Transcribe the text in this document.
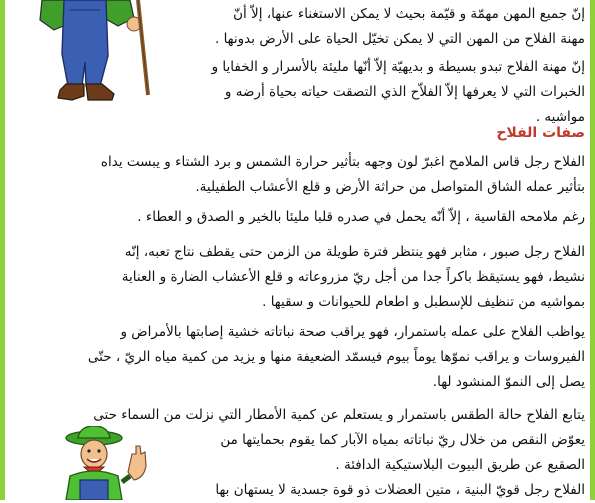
إنّ جميع المهن مهمّة و قيّمة بحيث لا يمكن الاستغناء عنها، إلاّ أنّ
مهنة الفلاح من المهن التي لا يمكن تخيّل الحياة على الأرض بدونها .
إنّ مهنة الفلاح تبدو بسيطة و بديهيّة إلاّ أنّها مليئة بالأسرار و الخفايا و
الخبرات التي لا يعرفها إلاّ الفلاّح الذي التصقت حياته بحياة أرضه و
مواشيه .
صفات الفلاح
الفلاح رجل قاس الملامح اغبرّ لون وجهه بتأثير حرارة الشمس و برد الشتاء و يبست يداه
بتأثير عمله الشاق المتواصل من حراثة الأرض و قلع الأعشاب الطفيلية.
رغم ملامحه القاسية ، إلاّ أنّه يحمل في صدره قلبا مليئا بالخير و الصدق و العطاء .
الفلاح رجل صبور ، مثابر فهو ينتظر فترة طويلة من الزمن حتى يقطف نتاج تعبه، إنّه
نشيط، فهو يستيقظ باكراً جدا من أجل ريّ مزروعاته و قلع الأعشاب الضارة و العناية
بمواشيه من تنظيف للإسطبل و اطعام للحيوانات و سقيها .
يواظب الفلاح على عمله باستمرار، فهو يراقب صحة نباتاته خشية إصابتها بالأمراض و
الفيروسات و يراقب نموّها يوماً بيوم فيسمّد الضعيفة منها و يزيد من كمية مياه الريّ ، حتّى
يصل إلى النموّ المنشود لها.
يتابع الفلاح حالة الطقس باستمرار و يستعلم عن كمية الأمطار التي نزلت من السماء حتى
يعوّض النقص من خلال ريّ نباتاته بمياه الآبار كما يقوم بحمايتها من
الصقيع عن طريق البيوت البلاستيكية الدافئة .
الفلاح رجل قويّ البنية ، متين العضلات ذو قوة جسدية لا يستهان بها
